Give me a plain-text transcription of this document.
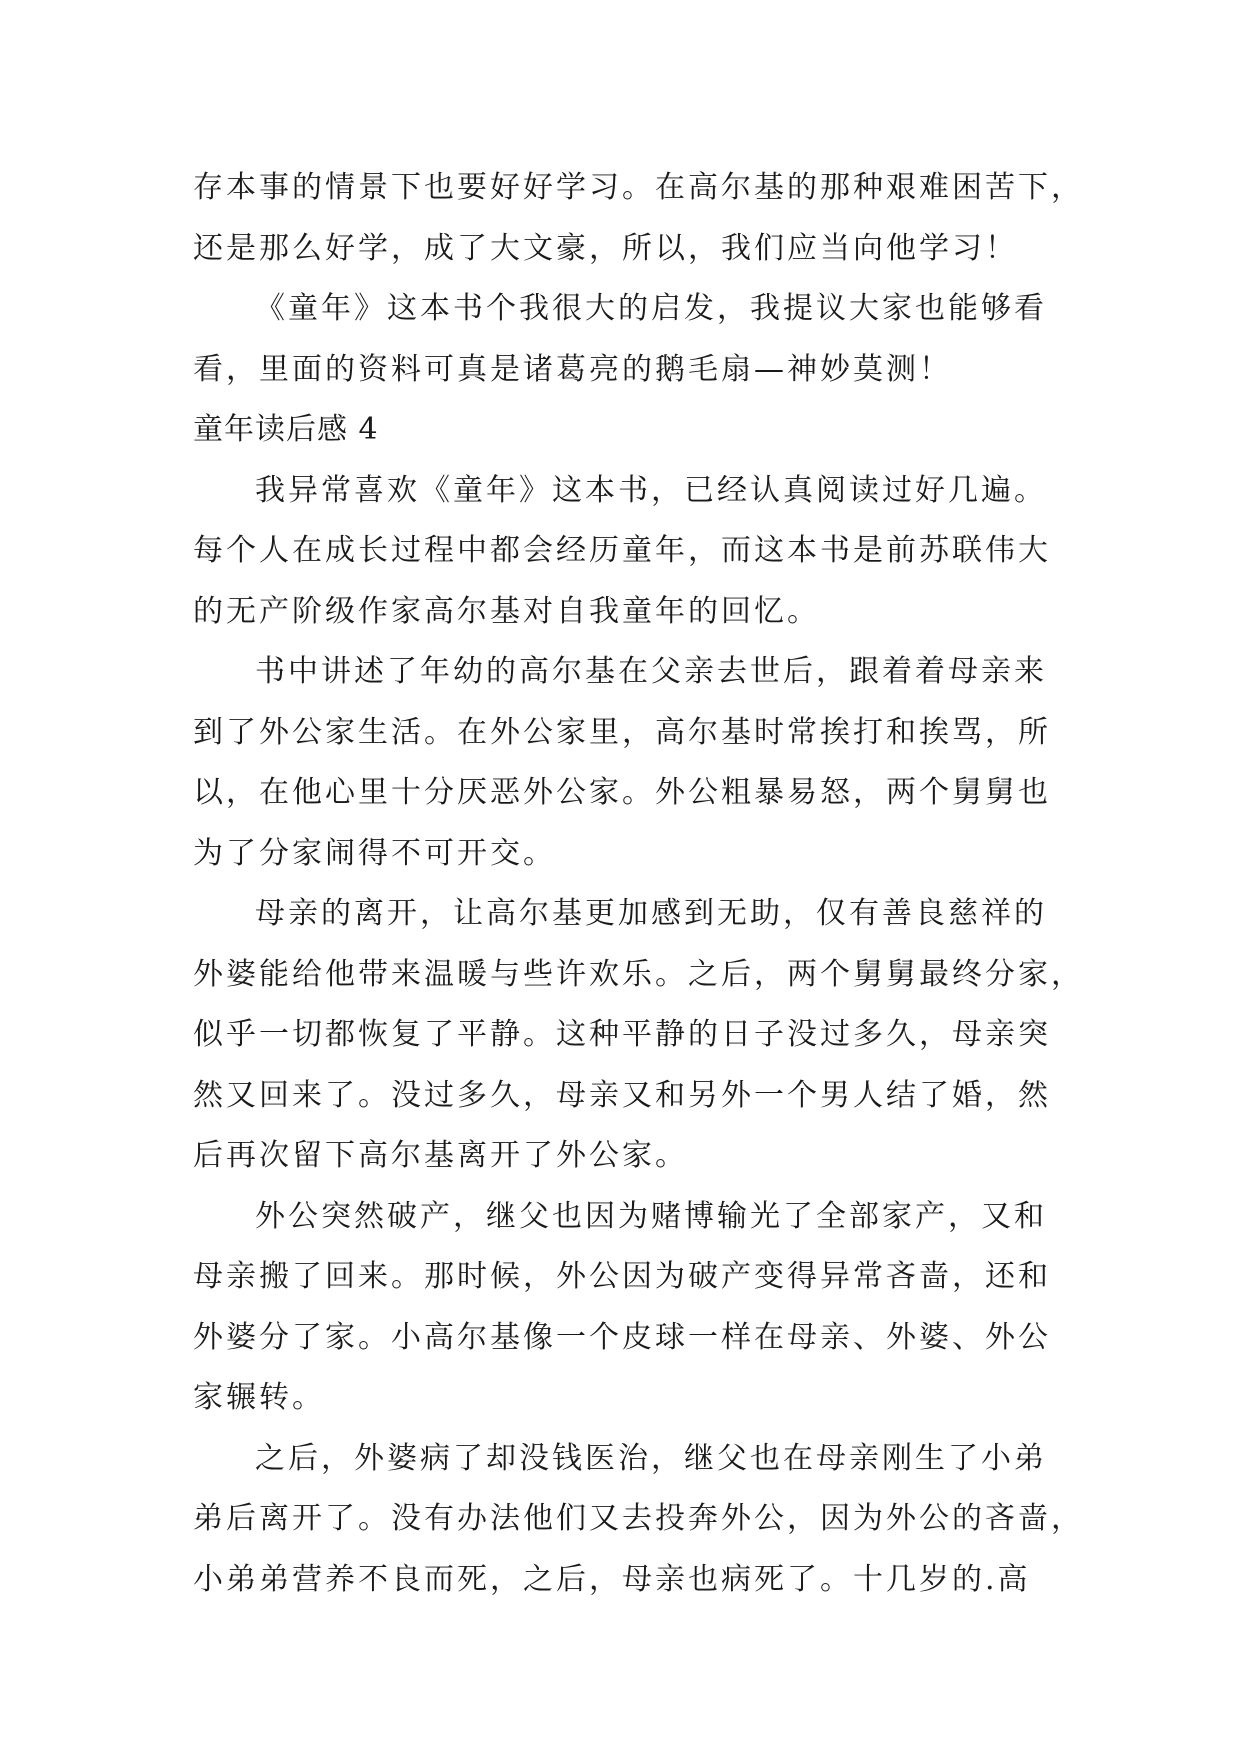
存本事的情景下也要好好学习。在高尔基的那种艰难困苦下，
还是那么好学，成了大文豪，所以，我们应当向他学习！
《童年》这本书个我很大的启发，我提议大家也能够看
看，里面的资料可真是诸葛亮的鹅毛扇—神妙莫测！
童年读后感 4
我异常喜欢《童年》这本书，已经认真阅读过好几遍。
每个人在成长过程中都会经历童年，而这本书是前苏联伟大
的无产阶级作家高尔基对自我童年的回忆。
书中讲述了年幼的高尔基在父亲去世后，跟着着母亲来
到了外公家生活。在外公家里，高尔基时常挨打和挨骂，所
以，在他心里十分厌恶外公家。外公粗暴易怒，两个舅舅也
为了分家闹得不可开交。
母亲的离开，让高尔基更加感到无助，仅有善良慈祥的
外婆能给他带来温暖与些许欢乐。之后，两个舅舅最终分家，
似乎一切都恢复了平静。这种平静的日子没过多久，母亲突
然又回来了。没过多久，母亲又和另外一个男人结了婚，然
后再次留下高尔基离开了外公家。
外公突然破产，继父也因为赌博输光了全部家产，又和
母亲搬了回来。那时候，外公因为破产变得异常吝啬，还和
外婆分了家。小高尔基像一个皮球一样在母亲、外婆、外公
家辗转。
之后，外婆病了却没钱医治，继父也在母亲刚生了小弟
弟后离开了。没有办法他们又去投奔外公，因为外公的吝啬，
小弟弟营养不良而死，之后，母亲也病死了。十几岁的.高
